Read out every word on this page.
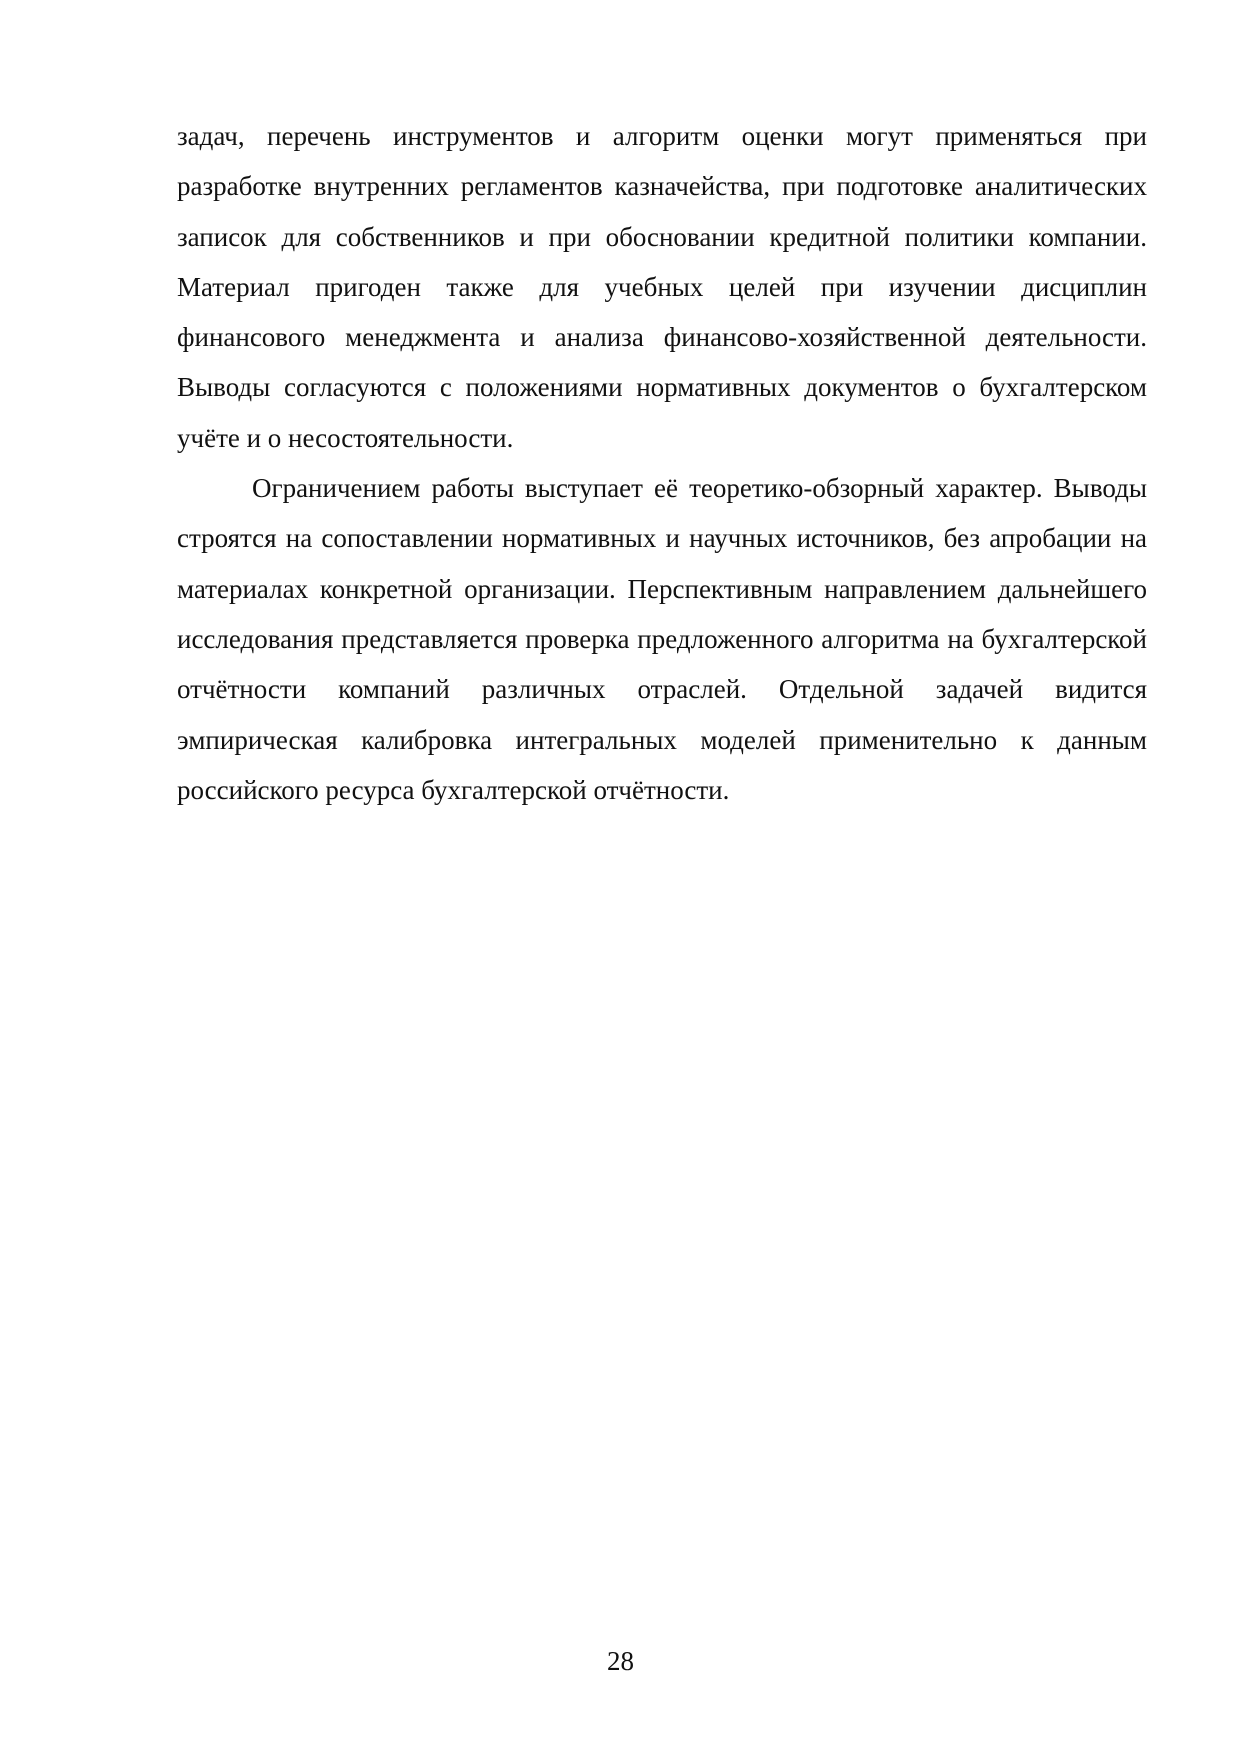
задач, перечень инструментов и алгоритм оценки могут применяться при разработке внутренних регламентов казначейства, при подготовке аналитических записок для собственников и при обосновании кредитной политики компании. Материал пригоден также для учебных целей при изучении дисциплин финансового менеджмента и анализа финансово-хозяйственной деятельности. Выводы согласуются с положениями нормативных документов о бухгалтерском учёте и о несостоятельности.

Ограничением работы выступает её теоретико-обзорный характер. Выводы строятся на сопоставлении нормативных и научных источников, без апробации на материалах конкретной организации. Перспективным направлением дальнейшего исследования представляется проверка предложенного алгоритма на бухгалтерской отчётности компаний различных отраслей. Отдельной задачей видится эмпирическая калибровка интегральных моделей применительно к данным российского ресурса бухгалтерской отчётности.

28
